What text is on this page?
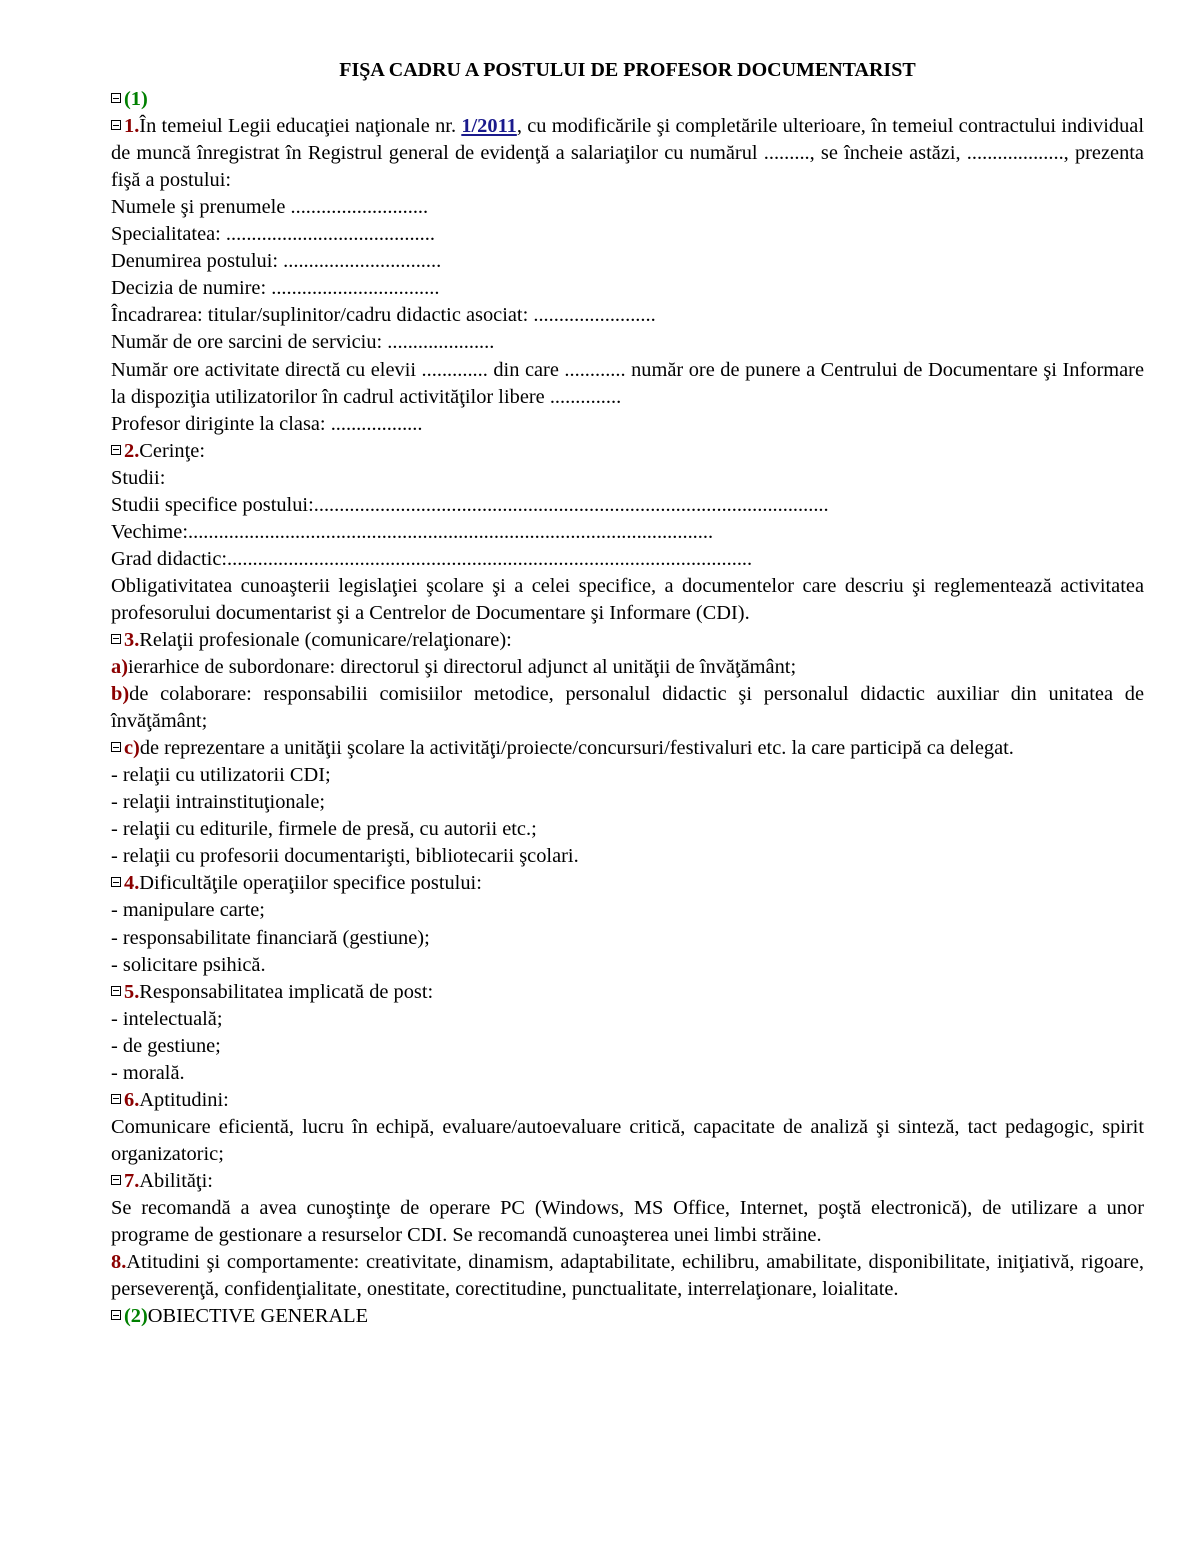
FIŞA CADRU A POSTULUI DE PROFESOR DOCUMENTARIST
(1)
1.În temeiul Legii educaţiei naţionale nr. 1/2011, cu modificările şi completările ulterioare, în temeiul contractului individual de muncă înregistrat în Registrul general de evidenţă a salariaţilor cu numărul ........., se încheie astăzi, ..................., prezenta fişă a postului:
Numele şi prenumele ...........................
Specialitatea: .........................................
Denumirea postului: ...............................
Decizia de numire: .................................
Încadrarea: titular/suplinitor/cadru didactic asociat: ........................
Număr de ore sarcini de serviciu: .....................
Număr ore activitate directă cu elevii ............. din care ............ număr ore de punere a Centrului de Documentare şi Informare la dispoziţia utilizatorilor în cadrul activităţilor libere ..............
Profesor diriginte la clasa: ..................
2.Cerinţe:
Studii:
Studii specifice postului:.....................................................................................................
Vechime:.......................................................................................................
Grad didactic:.......................................................................................................
Obligativitatea cunoaşterii legislaţiei şcolare şi a celei specifice, a documentelor care descriu şi reglementează activitatea profesorului documentarist şi a Centrelor de Documentare şi Informare (CDI).
3.Relaţii profesionale (comunicare/relaţionare):
a)ierarhice de subordonare: directorul şi directorul adjunct al unităţii de învăţământ;
b)de colaborare: responsabilii comisiilor metodice, personalul didactic şi personalul didactic auxiliar din unitatea de învăţământ;
c)de reprezentare a unităţii şcolare la activităţi/proiecte/concursuri/festivaluri etc. la care participă ca delegat.
- relaţii cu utilizatorii CDI;
- relaţii intrainstituţionale;
- relaţii cu editurile, firmele de presă, cu autorii etc.;
- relaţii cu profesorii documentarişti, bibliotecarii şcolari.
4.Dificultăţile operaţiilor specifice postului:
- manipulare carte;
- responsabilitate financiară (gestiune);
- solicitare psihică.
5.Responsabilitatea implicată de post:
- intelectuală;
- de gestiune;
- morală.
6.Aptitudini:
Comunicare eficientă, lucru în echipă, evaluare/autoevaluare critică, capacitate de analiză şi sinteză, tact pedagogic, spirit organizatoric;
7.Abilităţi:
Se recomandă a avea cunoştinţe de operare PC (Windows, MS Office, Internet, poştă electronică), de utilizare a unor programe de gestionare a resurselor CDI. Se recomandă cunoaşterea unei limbi străine.
8.Atitudini şi comportamente: creativitate, dinamism, adaptabilitate, echilibru, amabilitate, disponibilitate, iniţiativă, rigoare, perseverenţă, confidenţialitate, onestitate, corectitudine, punctualitate, interrelaţionare, loialitate.
(2)OBIECTIVE GENERALE
